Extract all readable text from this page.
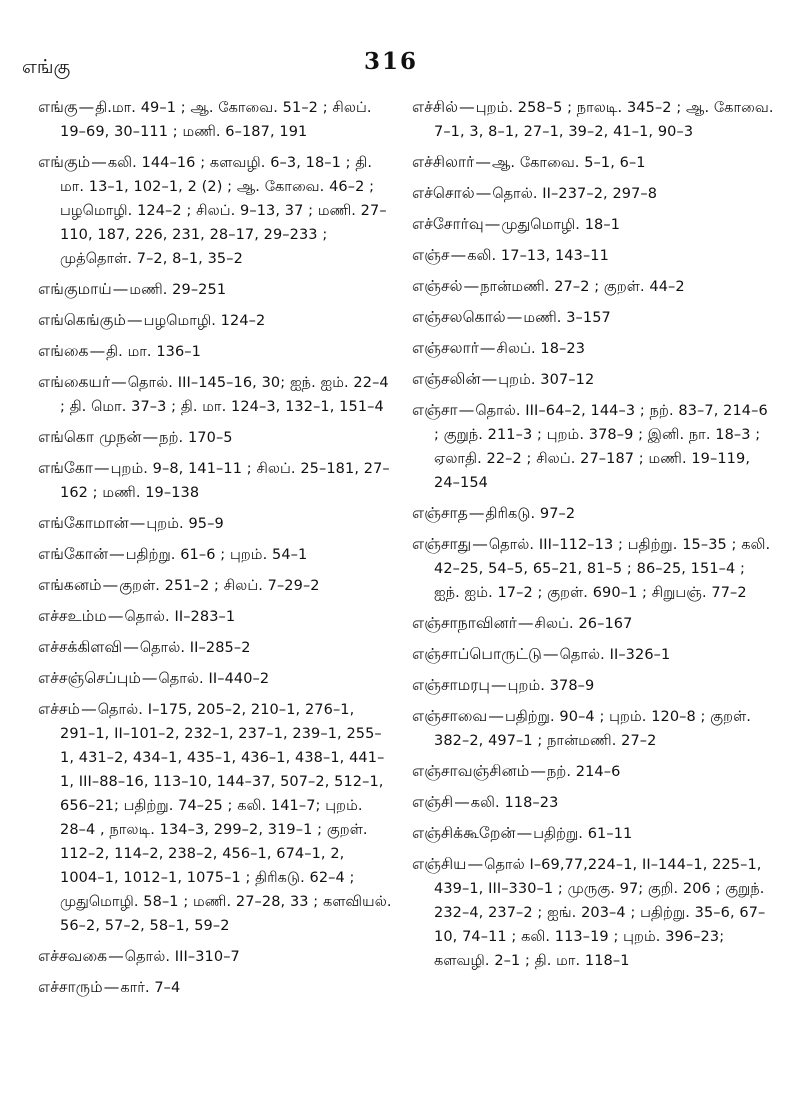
எங்கு	316
எங்கு—தி.மா. 49–1 ; ஆ. கோவை. 51–2 ; சிலப். 19–69, 30–111 ; மணி. 6–187, 191
எங்கும்—கலி. 144–16 ; களவழி. 6–3, 18–1 ; தி. மா. 13–1, 102–1, 2 (2) ; ஆ. கோவை. 46–2 ; பழமொழி. 124–2 ; சிலப். 9–13, 37 ; மணி. 27–110, 187, 226, 231, 28–17, 29–233 ; முத்தொள். 7–2, 8–1, 35–2
எங்குமாய்—மணி. 29–251
எங்கெங்கும்—பழமொழி. 124–2
எங்கை—தி. மா. 136–1
எங்கையர்—தொல். III–145–16, 30; ஐந். ஐம். 22–4 ; தி. மொ. 37–3 ; தி. மா. 124–3, 132–1, 151–4
எங்கொ முநன்—நற். 170–5
எங்கோ—புறம். 9–8, 141–11 ; சிலப். 25–181, 27–162 ; மணி. 19–138
எங்கோமான்—புறம். 95–9
எங்கோன்—பதிற்று. 61–6 ; புறம். 54–1
எங்கனம்—குறள். 251–2 ; சிலப். 7–29–2
எச்சஉம்ம—தொல். II–283–1
எச்சக்கிளவி—தொல். II–285–2
எச்சஞ்செப்பும்—தொல். II–440–2
எச்சம்—தொல். I–175, 205–2, 210–1, 276–1, 291–1, II–101–2, 232–1, 237–1, 239–1, 255–1, 431–2, 434–1, 435–1, 436–1, 438–1, 441–1, III–88–16, 113–10, 144–37, 507–2, 512–1, 656–21; பதிற்று. 74–25 ; கலி. 141–7; புறம். 28–4 , நாலடி. 134–3, 299–2, 319–1 ; குறள். 112–2, 114–2, 238–2, 456–1, 674–1, 2, 1004–1, 1012–1, 1075–1 ; திரிகடு. 62–4 ; முதுமொழி. 58–1 ; மணி. 27–28, 33 ; களவியல். 56–2, 57–2, 58–1, 59–2
எச்சவகை—தொல். III–310–7
எச்சாரும்—கார். 7–4
எச்சில்—புறம். 258–5 ; நாலடி. 345–2 ; ஆ. கோவை. 7–1, 3, 8–1, 27–1, 39–2, 41–1, 90–3
எச்சிலார்—ஆ. கோவை. 5–1, 6–1
எச்சொல்—தொல். II–237–2, 297–8
எச்சோர்வு—முதுமொழி. 18–1
எஞ்ச—கலி. 17–13, 143–11
எஞ்சல்—நான்மணி. 27–2 ; குறள். 44–2
எஞ்சலகொல்—மணி. 3–157
எஞ்சலார்—சிலப். 18–23
எஞ்சலின்—புறம். 307–12
எஞ்சா—தொல். III–64–2, 144–3 ; நற். 83–7, 214–6 ; குறுந். 211–3 ; புறம். 378–9 ; இனி. நா. 18–3 ; ஏலாதி. 22–2 ; சிலப். 27–187 ; மணி. 19–119, 24–154
எஞ்சாத—திரிகடு. 97–2
எஞ்சாது—தொல். III–112–13 ; பதிற்று. 15–35 ; கலி. 42–25, 54–5, 65–21, 81–5 ; 86–25, 151–4 ; ஐந். ஐம். 17–2 ; குறள். 690–1 ; சிறுபஞ். 77–2
எஞ்சாநாவினர்—சிலப். 26–167
எஞ்சாப்பொருட்டு—தொல். II–326–1
எஞ்சாமரபு—புறம். 378–9
எஞ்சாவை—பதிற்று. 90–4 ; புறம். 120–8 ; குறள். 382–2, 497–1 ; நான்மணி. 27–2
எஞ்சாவஞ்சினம்—நற். 214–6
எஞ்சி—கலி. 118–23
எஞ்சிக்கூறேன்—பதிற்று. 61–11
எஞ்சிய—தொல் I–69,77,224–1, II–144–1, 225–1, 439–1, III–330–1 ; முருகு. 97; குறி. 206 ; குறுந். 232–4, 237–2 ; ஐங். 203–4 ; பதிற்று. 35–6, 67–10, 74–11 ; கலி. 113–19 ; புறம். 396–23; களவழி. 2–1 ; தி. மா. 118–1
